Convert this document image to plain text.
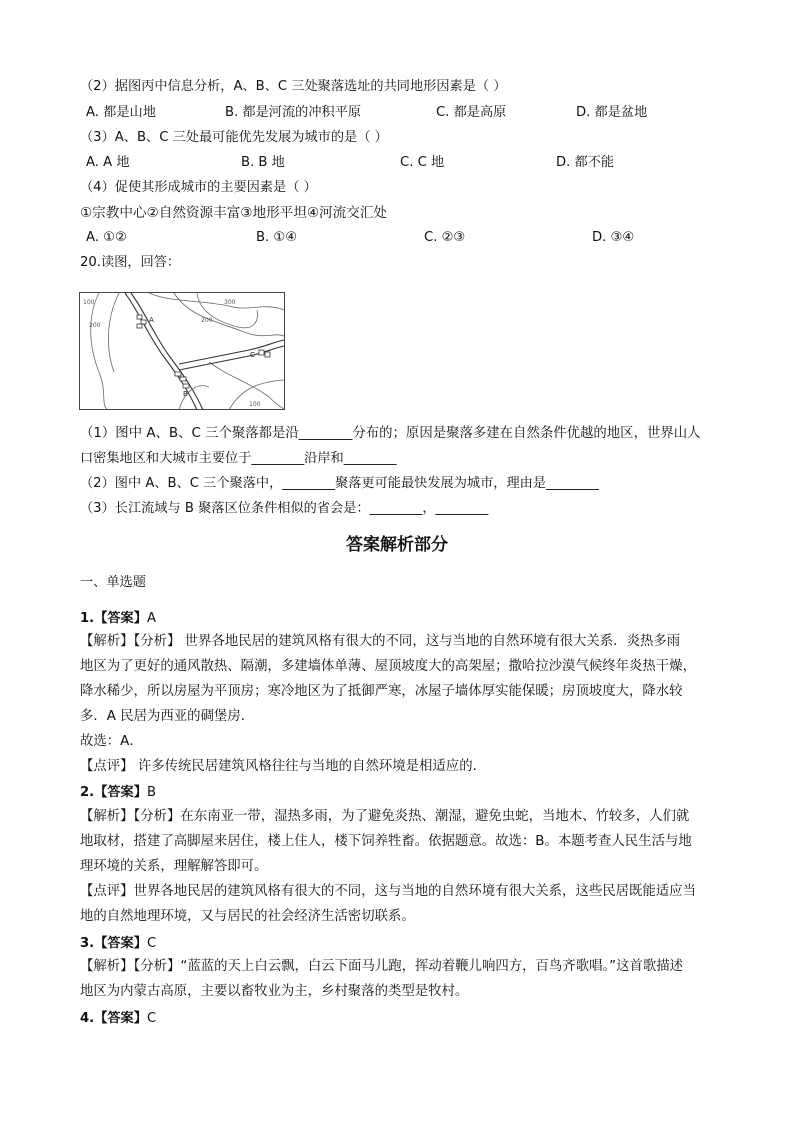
（2）据图丙中信息分析，A、B、C 三处聚落选址的共同地形因素是（ ）
A. 都是山地	B. 都是河流的冲积平原	C. 都是高原	D. 都是盆地
（3）A、B、C 三处最可能优先发展为城市的是（ ）
A. A 地	B. B 地	C. C 地	D. 都不能
（4）促使其形成城市的主要因素是（ ）
①宗教中心②自然资源丰富③地形平坦④河流交汇处
A. ①②	B. ①④	C. ②③	D. ③④
20.读图，回答：
300
200
200
100
100
A
B
C
（1）图中 A、B、C 三个聚落都是沿________分布的；原因是聚落多建在自然条件优越的地区，世界山人
口密集地区和大城市主要位于________沿岸和________
（2）图中 A、B、C 三个聚落中，________聚落更可能最快发展为城市，理由是________
（3）长江流域与 B 聚落区位条件相似的省会是：________，________
答案解析部分
一、单选题
1.【答案】A
【解析】【分析】 世界各地民居的建筑风格有很大的不同，这与当地的自然环境有很大关系．炎热多雨
地区为了更好的通风散热、隔潮，多建墙体单薄、屋顶坡度大的高架屋；撒哈拉沙漠气候终年炎热干燥，
降水稀少，所以房屋为平顶房；寒冷地区为了抵御严寒，冰屋子墙体厚实能保暖；房顶坡度大，降水较
多．A 民居为西亚的碉堡房．
故选：A．
【点评】 许多传统民居建筑风格往往与当地的自然环境是相适应的．
2.【答案】B
【解析】【分析】在东南亚一带，湿热多雨，为了避免炎热、潮湿，避免虫蛇，当地木、竹较多，人们就
地取材，搭建了高脚屋来居住，楼上住人，楼下饲养牲畜。依据题意。故选：B。本题考查人民生活与地
理环境的关系，理解解答即可。
【点评】世界各地民居的建筑风格有很大的不同，这与当地的自然环境有很大关系，这些民居既能适应当
地的自然地理环境，又与居民的社会经济生活密切联系。
3.【答案】C
【解析】【分析】“蓝蓝的天上白云飘，白云下面马儿跑，挥动着鞭儿响四方，百鸟齐歌唱。”这首歌描述
地区为内蒙古高原，主要以畜牧业为主，乡村聚落的类型是牧村。
4.【答案】C
